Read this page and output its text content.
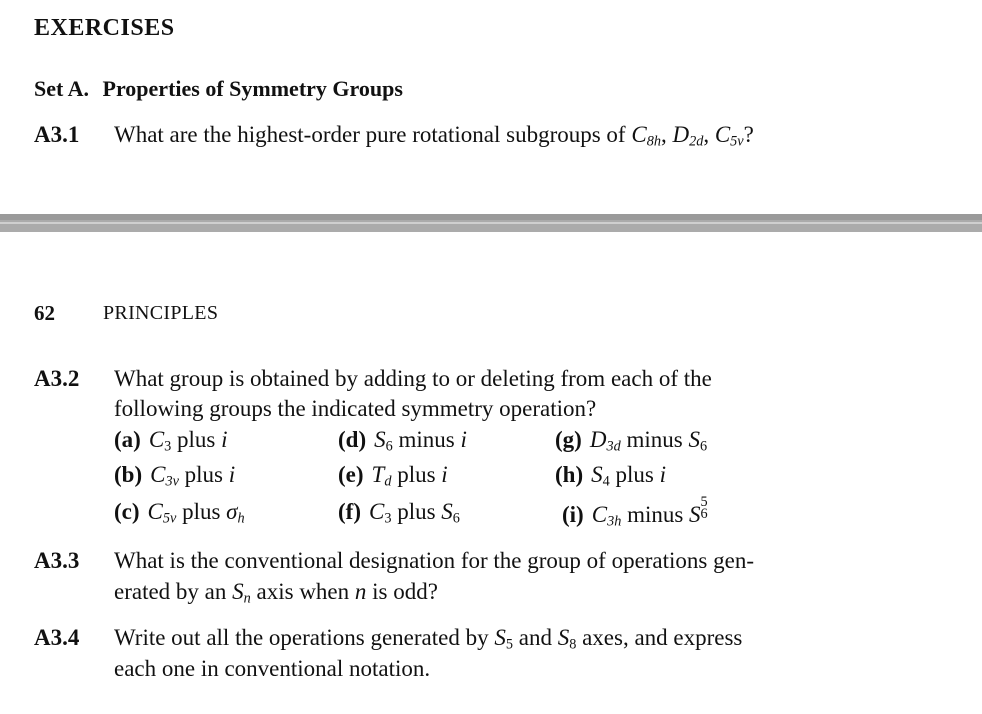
EXERCISES
Set A. Properties of Symmetry Groups
A3.1 What are the highest-order pure rotational subgroups of $C_{8h}$, $D_{2d}$, $C_{5v}$?
62 PRINCIPLES
A3.2 What group is obtained by adding to or deleting from each of the
following groups the indicated symmetry operation?
(a) $C_3$ plus i
(b) $C_{3v}$ plus i
(c) $C_{5v}$ plus $\sigma_h$
(d) $S_6$ minus i
(e) $T_d$ plus i
(f) $C_3$ plus $S_6$
(g) $D_{3d}$ minus $S_6$
(h) $S_4$ plus i
(i) $C_{3h}$ minus S 5
6
A3.3 What is the conventional designation for the group of operations gen-
erated by an $S_n$ axis when n is odd?
A3.4 Write out all the operations generated by $S_5$ and $S_8$ axes, and express
each one in conventional notation.
